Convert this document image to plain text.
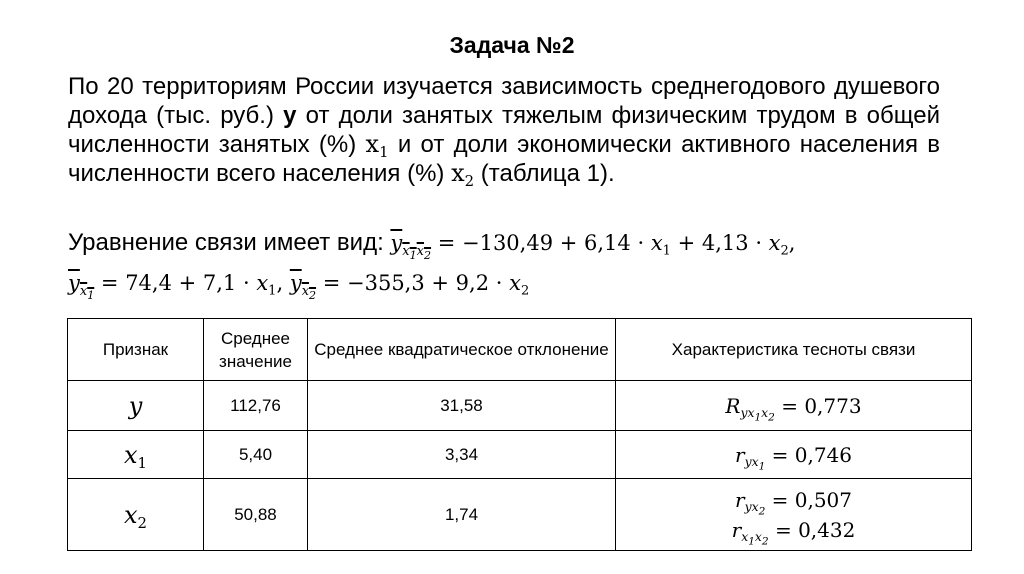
Задача №2
По 20 территориям России изучается зависимость среднегодового душевого дохода (тыс. руб.) у от доли занятых тяжелым физическим трудом в общей численности занятых (%) $x_1$ и от доли экономически активного населения в численности всего населения (%) $x_2$ (таблица 1).
Уравнение связи имеет вид: $y_{x_1x_2} = -130,49 + 6,14 \cdot x_1 + 4,13 \cdot x_2$,
$y_{x_1} = 74,4 + 7,1 \cdot x_1$, $y_{x_2} = -355,3 + 9,2 \cdot x_2$
Признак	Среднее значение	Среднее квадратическое отклонение	Характеристика тесноты связи
y	112,76	31,58	$R_{yx_1x_2} = 0,773$
$x_1$	5,40	3,34	$r_{yx_1} = 0,746$
$x_2$	50,88	1,74	$r_{yx_2} = 0,507$
$r_{x_1x_2} = 0,432$
